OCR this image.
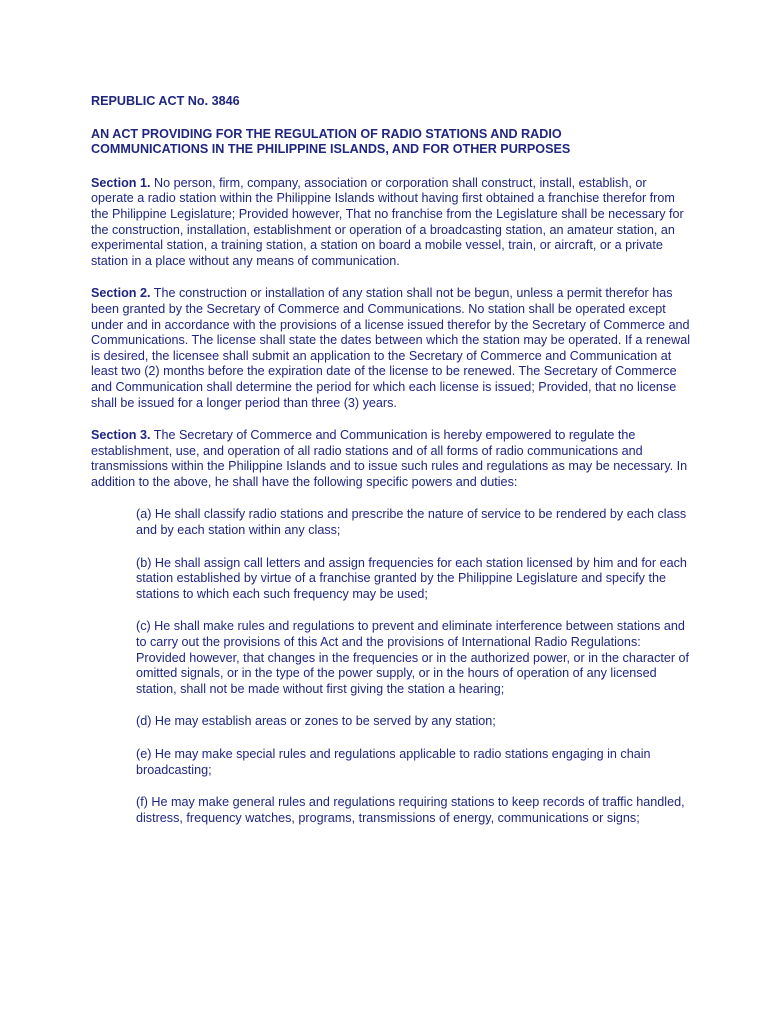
REPUBLIC ACT No. 3846

AN ACT PROVIDING FOR THE REGULATION OF RADIO STATIONS AND RADIO
COMMUNICATIONS IN THE PHILIPPINE ISLANDS, AND FOR OTHER PURPOSES

Section 1. No person, firm, company, association or corporation shall construct, install, establish, or operate a radio station within the Philippine Islands without having first obtained a franchise therefor from the Philippine Legislature; Provided however, That no franchise from the Legislature shall be necessary for the construction, installation, establishment or operation of a broadcasting station, an amateur station, an experimental station, a training station, a station on board a mobile vessel, train, or aircraft, or a private station in a place without any means of communication.

Section 2. The construction or installation of any station shall not be begun, unless a permit therefor has been granted by the Secretary of Commerce and Communications. No station shall be operated except under and in accordance with the provisions of a license issued therefor by the Secretary of Commerce and Communications. The license shall state the dates between which the station may be operated. If a renewal is desired, the licensee shall submit an application to the Secretary of Commerce and Communication at least two (2) months before the expiration date of the license to be renewed. The Secretary of Commerce and Communication shall determine the period for which each license is issued; Provided, that no license shall be issued for a longer period than three (3) years.

Section 3. The Secretary of Commerce and Communication is hereby empowered to regulate the establishment, use, and operation of all radio stations and of all forms of radio communications and transmissions within the Philippine Islands and to issue such rules and regulations as may be necessary. In addition to the above, he shall have the following specific powers and duties:

(a) He shall classify radio stations and prescribe the nature of service to be rendered by each class and by each station within any class;

(b) He shall assign call letters and assign frequencies for each station licensed by him and for each station established by virtue of a franchise granted by the Philippine Legislature and specify the stations to which each such frequency may be used;

(c) He shall make rules and regulations to prevent and eliminate interference between stations and to carry out the provisions of this Act and the provisions of International Radio Regulations: Provided however, that changes in the frequencies or in the authorized power, or in the character of omitted signals, or in the type of the power supply, or in the hours of operation of any licensed station, shall not be made without first giving the station a hearing;

(d) He may establish areas or zones to be served by any station;

(e) He may make special rules and regulations applicable to radio stations engaging in chain broadcasting;

(f) He may make general rules and regulations requiring stations to keep records of traffic handled, distress, frequency watches, programs, transmissions of energy, communications or signs;
